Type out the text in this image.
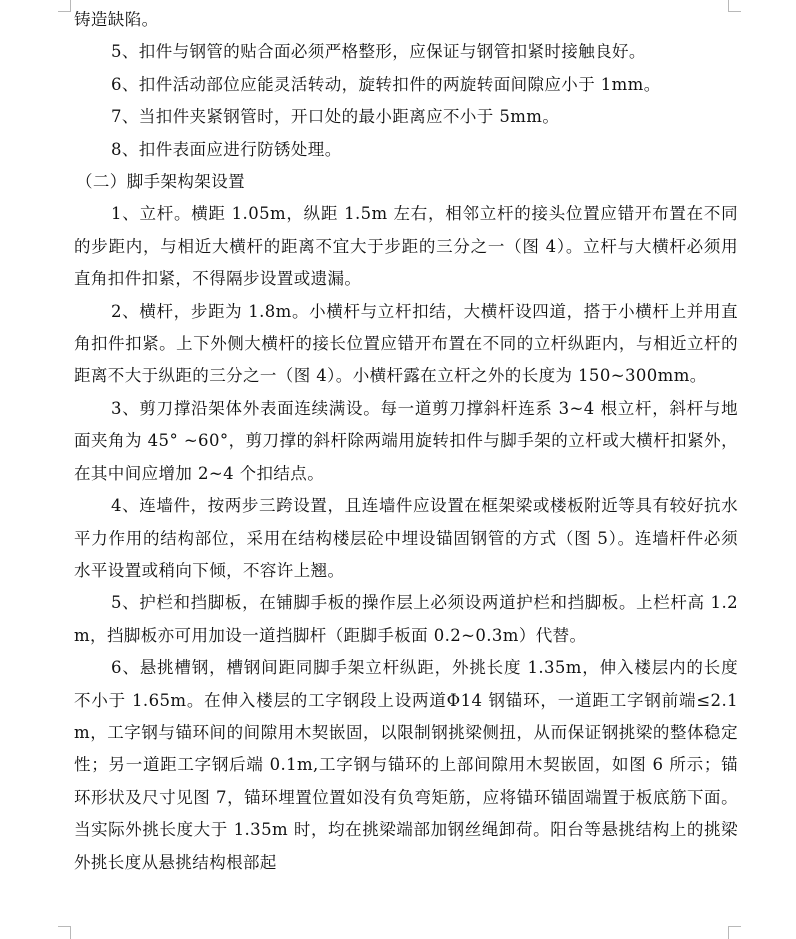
铸造缺陷。

5、扣件与钢管的贴合面必须严格整形，应保证与钢管扣紧时接触良好。

6、扣件活动部位应能灵活转动，旋转扣件的两旋转面间隙应小于 1mm。

7、当扣件夹紧钢管时，开口处的最小距离应不小于 5mm。

8、扣件表面应进行防锈处理。

（二）脚手架构架设置

1、立杆。横距 1.05m，纵距 1.5m 左右，相邻立杆的接头位置应错开布置在不同的步距内，与相近大横杆的距离不宜大于步距的三分之一（图 4）。立杆与大横杆必须用直角扣件扣紧，不得隔步设置或遗漏。

2、横杆，步距为 1.8m。小横杆与立杆扣结，大横杆设四道，搭于小横杆上并用直角扣件扣紧。上下外侧大横杆的接长位置应错开布置在不同的立杆纵距内，与相近立杆的距离不大于纵距的三分之一（图 4）。小横杆露在立杆之外的长度为 150~300mm。

3、剪刀撑沿架体外表面连续满设。每一道剪刀撑斜杆连系 3~4 根立杆，斜杆与地面夹角为 45° ~60°，剪刀撑的斜杆除两端用旋转扣件与脚手架的立杆或大横杆扣紧外，在其中间应增加 2~4 个扣结点。

4、连墙件，按两步三跨设置，且连墙件应设置在框架梁或楼板附近等具有较好抗水平力作用的结构部位，采用在结构楼层砼中埋设锚固钢管的方式（图 5）。连墙杆件必须水平设置或稍向下倾，不容许上翘。

5、护栏和挡脚板，在铺脚手板的操作层上必须设两道护栏和挡脚板。上栏杆高 1.2m，挡脚板亦可用加设一道挡脚杆（距脚手板面 0.2~0.3m）代替。

6、悬挑槽钢，槽钢间距同脚手架立杆纵距，外挑长度 1.35m，伸入楼层内的长度不小于 1.65m。在伸入楼层的工字钢段上设两道Φ14 钢锚环，一道距工字钢前端≤2.1m，工字钢与锚环间的间隙用木契嵌固，以限制钢挑梁侧扭，从而保证钢挑梁的整体稳定性；另一道距工字钢后端 0.1m,工字钢与锚环的上部间隙用木契嵌固，如图 6 所示；锚环形状及尺寸见图 7，锚环埋置位置如没有负弯矩筋，应将锚环锚固端置于板底筋下面。当实际外挑长度大于 1.35m 时，均在挑梁端部加钢丝绳卸荷。阳台等悬挑结构上的挑梁外挑长度从悬挑结构根部起
